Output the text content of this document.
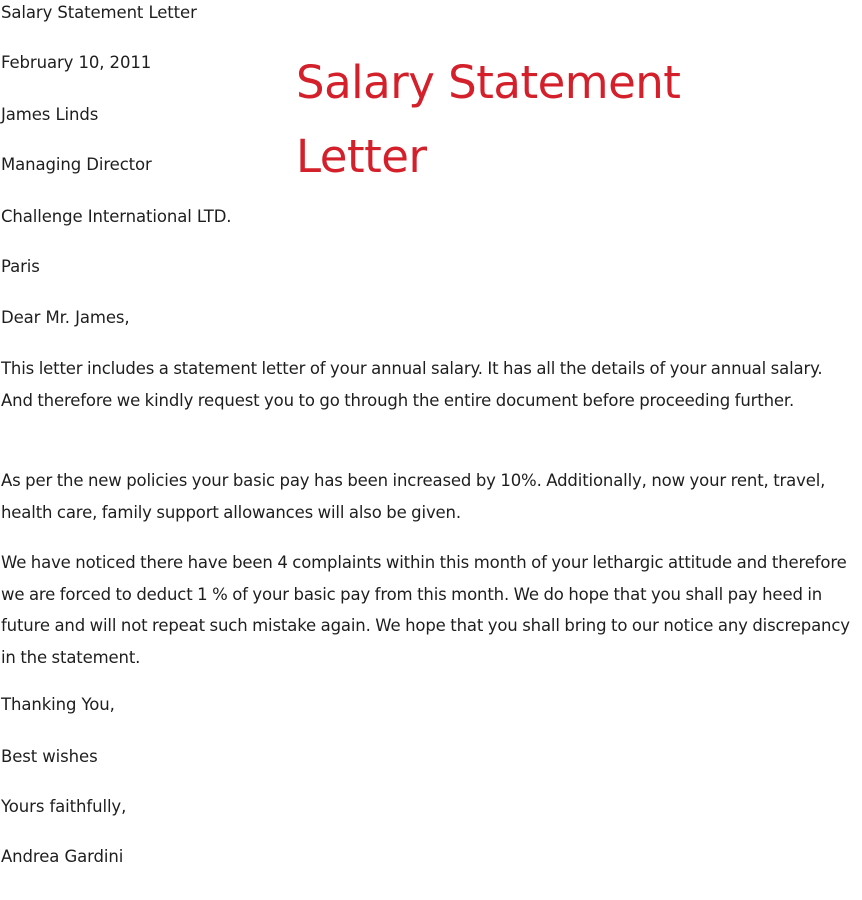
Salary Statement Letter
February 10, 2011	Salary Statement Letter
James Linds
Managing Director
Challenge International LTD.
Paris
Dear Mr. James,
This letter includes a statement letter of your annual salary. It has all the details of your annual salary. And therefore we kindly request you to go through the entire document before proceeding further.
As per the new policies your basic pay has been increased by 10%. Additionally, now your rent, travel, health care, family support allowances will also be given.
We have noticed there have been 4 complaints within this month of your lethargic attitude and therefore we are forced to deduct 1 % of your basic pay from this month. We do hope that you shall pay heed in future and will not repeat such mistake again. We hope that you shall bring to our notice any discrepancy in the statement.
Thanking You,
Best wishes
Yours faithfully,
Andrea Gardini
